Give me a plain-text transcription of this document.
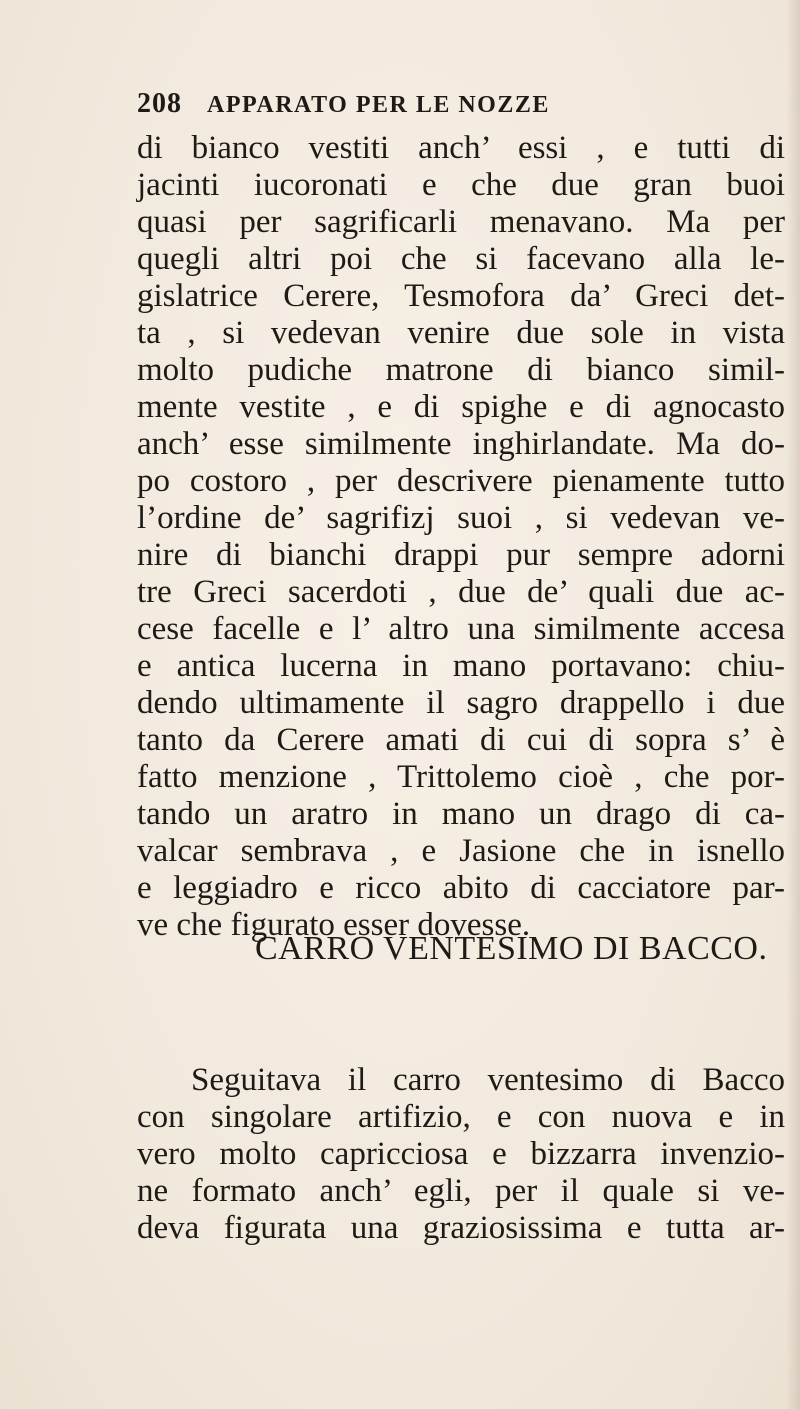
208	APPARATO PER LE NOZZE
di bianco vestiti anch’ essi , e tutti di
jacinti iucoronati e che due gran buoi
quasi per sagrificarli menavano. Ma per
quegli altri poi che si facevano alla le-
gislatrice Cerere, Tesmofora da’ Greci det-
ta , si vedevan venire due sole in vista
molto pudiche matrone di bianco simil-
mente vestite , e di spighe e di agnocasto
anch’ esse similmente inghirlandate. Ma do-
po costoro , per descrivere pienamente tutto
l’ordine de’ sagrifizj suoi , si vedevan ve-
nire di bianchi drappi pur sempre adorni
tre Greci sacerdoti , due de’ quali due ac-
cese facelle e l’ altro una similmente accesa
e antica lucerna in mano portavano: chiu-
dendo ultimamente il sagro drappello i due
tanto da Cerere amati di cui di sopra s’ è
fatto menzione , Trittolemo cioè , che por-
tando un aratro in mano un drago di ca-
valcar sembrava , e Jasione che in isnello
e leggiadro e ricco abito di cacciatore par-
ve che figurato esser dovesse.
CARRO VENTESIMO DI BACCO.
Seguitava il carro ventesimo di Bacco
con singolare artifizio, e con nuova e in
vero molto capricciosa e bizzarra invenzio-
ne formato anch’ egli, per il quale si ve-
deva figurata una graziosissima e tutta ar-
